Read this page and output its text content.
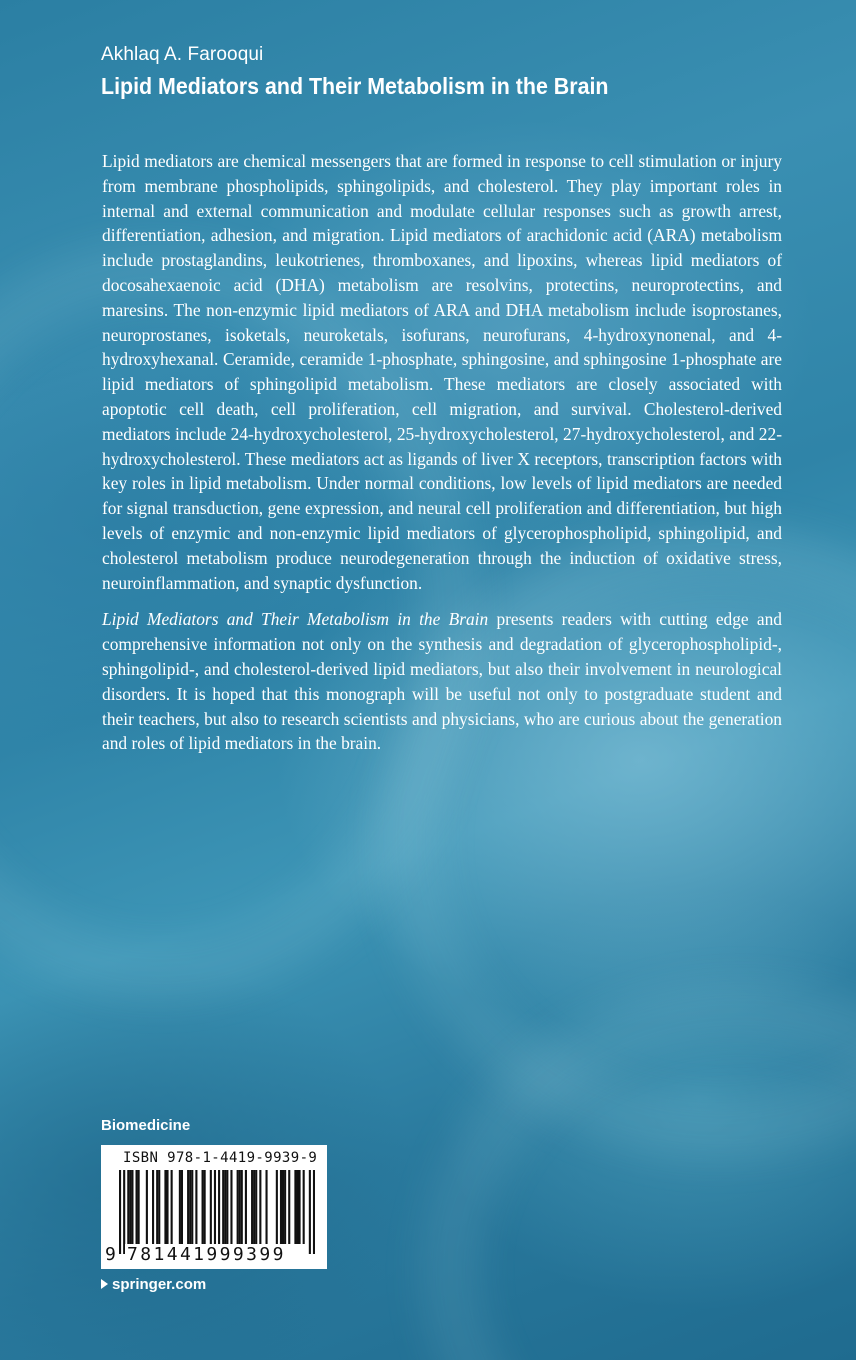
Akhlaq A. Farooqui
Lipid Mediators and Their Metabolism in the Brain

Lipid mediators are chemical messengers that are formed in response to cell stimulation or injury from membrane phospholipids, sphingolipids, and cholesterol. They play important roles in internal and external communication and modulate cellular responses such as growth arrest, differentiation, adhesion, and migration. Lipid mediators of arachidonic acid (ARA) metabolism include prostaglandins, leukotrienes, thromboxanes, and lipoxins, whereas lipid mediators of docosahexaenoic acid (DHA) metabolism are resolvins, protectins, neuroprotectins, and maresins. The non-enzymic lipid mediators of ARA and DHA metabolism include isoprostanes, neuroprostanes, isoketals, neuroketals, isofurans, neurofurans, 4-hydroxynonenal, and 4-hydroxyhexanal. Ceramide, ceramide 1-phosphate, sphingosine, and sphingosine 1-phosphate are lipid mediators of sphingolipid metabolism. These mediators are closely associated with apoptotic cell death, cell proliferation, cell migration, and survival. Cholesterol-derived mediators include 24-hydroxycholesterol, 25-hydroxycholesterol, 27-hydroxycholesterol, and 22-hydroxycholesterol. These mediators act as ligands of liver X receptors, transcription factors with key roles in lipid metabolism. Under normal conditions, low levels of lipid mediators are needed for signal transduction, gene expression, and neural cell proliferation and differentiation, but high levels of enzymic and non-enzymic lipid mediators of glycerophospholipid, sphingolipid, and cholesterol metabolism produce neurodegeneration through the induction of oxidative stress, neuroinflammation, and synaptic dysfunction.

Lipid Mediators and Their Metabolism in the Brain presents readers with cutting edge and comprehensive information not only on the synthesis and degradation of glycerophospholipid-, sphingolipid-, and cholesterol-derived lipid mediators, but also their involvement in neurological disorders. It is hoped that this monograph will be useful not only to postgraduate student and their teachers, but also to research scientists and physicians, who are curious about the generation and roles of lipid mediators in the brain.

Biomedicine
ISBN 978-1-4419-9939-9
9 781441999399
springer.com
